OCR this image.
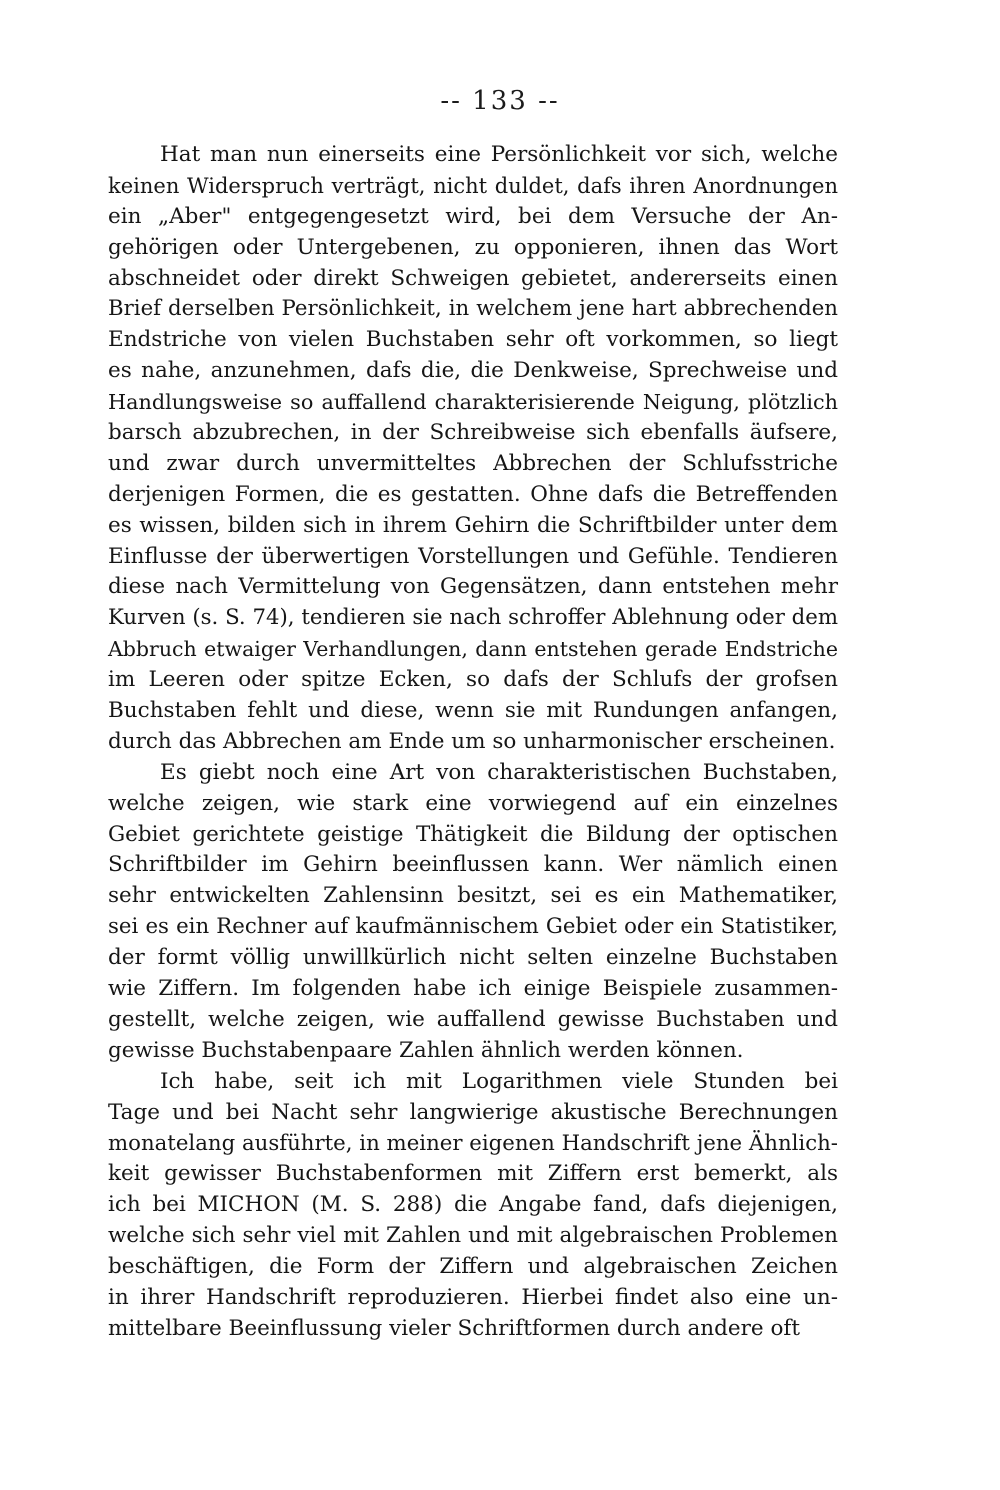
-- 133 --
Hat man nun einerseits eine Persönlichkeit vor sich, welche
keinen Widerspruch verträgt, nicht duldet, dafs ihren Anordnungen
ein „Aber" entgegengesetzt wird, bei dem Versuche der An-
gehörigen oder Untergebenen, zu opponieren, ihnen das Wort
abschneidet oder direkt Schweigen gebietet, andererseits einen
Brief derselben Persönlichkeit, in welchem jene hart abbrechenden
Endstriche von vielen Buchstaben sehr oft vorkommen, so liegt
es nahe, anzunehmen, dafs die, die Denkweise, Sprechweise und
Handlungsweise so auffallend charakterisierende Neigung, plötzlich
barsch abzubrechen, in der Schreibweise sich ebenfalls äufsere,
und zwar durch unvermitteltes Abbrechen der Schlufsstriche
derjenigen Formen, die es gestatten. Ohne dafs die Betreffenden
es wissen, bilden sich in ihrem Gehirn die Schriftbilder unter dem
Einflusse der überwertigen Vorstellungen und Gefühle. Tendieren
diese nach Vermittelung von Gegensätzen, dann entstehen mehr
Kurven (s. S. 74), tendieren sie nach schroffer Ablehnung oder dem
Abbruch etwaiger Verhandlungen, dann entstehen gerade Endstriche
im Leeren oder spitze Ecken, so dafs der Schlufs der grofsen
Buchstaben fehlt und diese, wenn sie mit Rundungen anfangen,
durch das Abbrechen am Ende um so unharmonischer erscheinen.
Es giebt noch eine Art von charakteristischen Buchstaben,
welche zeigen, wie stark eine vorwiegend auf ein einzelnes
Gebiet gerichtete geistige Thätigkeit die Bildung der optischen
Schriftbilder im Gehirn beeinflussen kann. Wer nämlich einen
sehr entwickelten Zahlensinn besitzt, sei es ein Mathematiker,
sei es ein Rechner auf kaufmännischem Gebiet oder ein Statistiker,
der formt völlig unwillkürlich nicht selten einzelne Buchstaben
wie Ziffern. Im folgenden habe ich einige Beispiele zusammen-
gestellt, welche zeigen, wie auffallend gewisse Buchstaben und
gewisse Buchstabenpaare Zahlen ähnlich werden können.
Ich habe, seit ich mit Logarithmen viele Stunden bei
Tage und bei Nacht sehr langwierige akustische Berechnungen
monatelang ausführte, in meiner eigenen Handschrift jene Ähnlich-
keit gewisser Buchstabenformen mit Ziffern erst bemerkt, als
ich bei MICHON (M. S. 288) die Angabe fand, dafs diejenigen,
welche sich sehr viel mit Zahlen und mit algebraischen Problemen
beschäftigen, die Form der Ziffern und algebraischen Zeichen
in ihrer Handschrift reproduzieren. Hierbei findet also eine un-
mittelbare Beeinflussung vieler Schriftformen durch andere oft
